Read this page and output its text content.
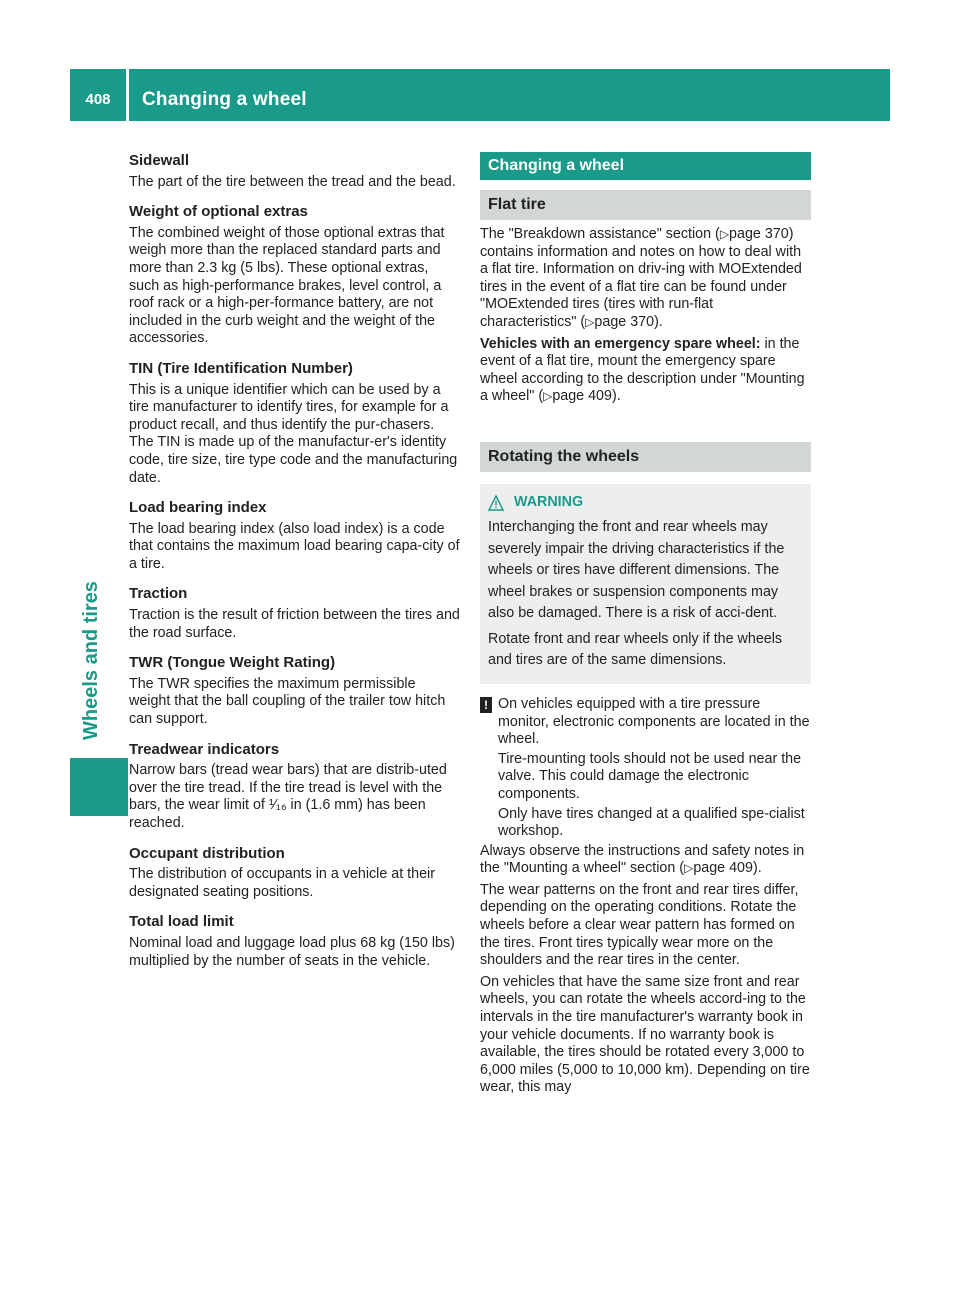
408	Changing a wheel
Wheels and tires
Sidewall

The part of the tire between the tread and the bead.

Weight of optional extras

The combined weight of those optional extras that weigh more than the replaced standard parts and more than 2.3 kg (5 lbs). These optional extras, such as high-performance brakes, level control, a roof rack or a high-per-formance battery, are not included in the curb weight and the weight of the accessories.

TIN (Tire Identification Number)

This is a unique identifier which can be used by a tire manufacturer to identify tires, for example for a product recall, and thus identify the pur-chasers. The TIN is made up of the manufactur-er's identity code, tire size, tire type code and the manufacturing date.

Load bearing index

The load bearing index (also load index) is a code that contains the maximum load bearing capa-city of a tire.

Traction

Traction is the result of friction between the tires and the road surface.

TWR (Tongue Weight Rating)

The TWR specifies the maximum permissible weight that the ball coupling of the trailer tow hitch can support.

Treadwear indicators

Narrow bars (tread wear bars) that are distrib-uted over the tire tread. If the tire tread is level with the bars, the wear limit of ¹⁄₁₆ in (1.6 mm) has been reached.

Occupant distribution

The distribution of occupants in a vehicle at their designated seating positions.

Total load limit

Nominal load and luggage load plus 68 kg (150 lbs) multiplied by the number of seats in the vehicle.

Changing a wheel
Flat tire

The "Breakdown assistance" section (▷page 370) contains information and notes on how to deal with a flat tire. Information on driv-ing with MOExtended tires in the event of a flat tire can be found under "MOExtended tires (tires with run-flat characteristics" (▷page 370).

Vehicles with an emergency spare wheel: in the event of a flat tire, mount the emergency spare wheel according to the description under "Mounting a wheel" (▷page 409).

Rotating the wheels
WARNING

Interchanging the front and rear wheels may severely impair the driving characteristics if the wheels or tires have different dimensions. The wheel brakes or suspension components may also be damaged. There is a risk of acci-dent.

Rotate front and rear wheels only if the wheels and tires are of the same dimensions.

! On vehicles equipped with a tire pressure monitor, electronic components are located in the wheel.

Tire-mounting tools should not be used near the valve. This could damage the electronic components.

Only have tires changed at a qualified spe-cialist workshop.

Always observe the instructions and safety notes in the "Mounting a wheel" section (▷page 409).

The wear patterns on the front and rear tires differ, depending on the operating conditions. Rotate the wheels before a clear wear pattern has formed on the tires. Front tires typically wear more on the shoulders and the rear tires in the center.

On vehicles that have the same size front and rear wheels, you can rotate the wheels accord-ing to the intervals in the tire manufacturer's warranty book in your vehicle documents. If no warranty book is available, the tires should be rotated every 3,000 to 6,000 miles (5,000 to 10,000 km). Depending on tire wear, this may
